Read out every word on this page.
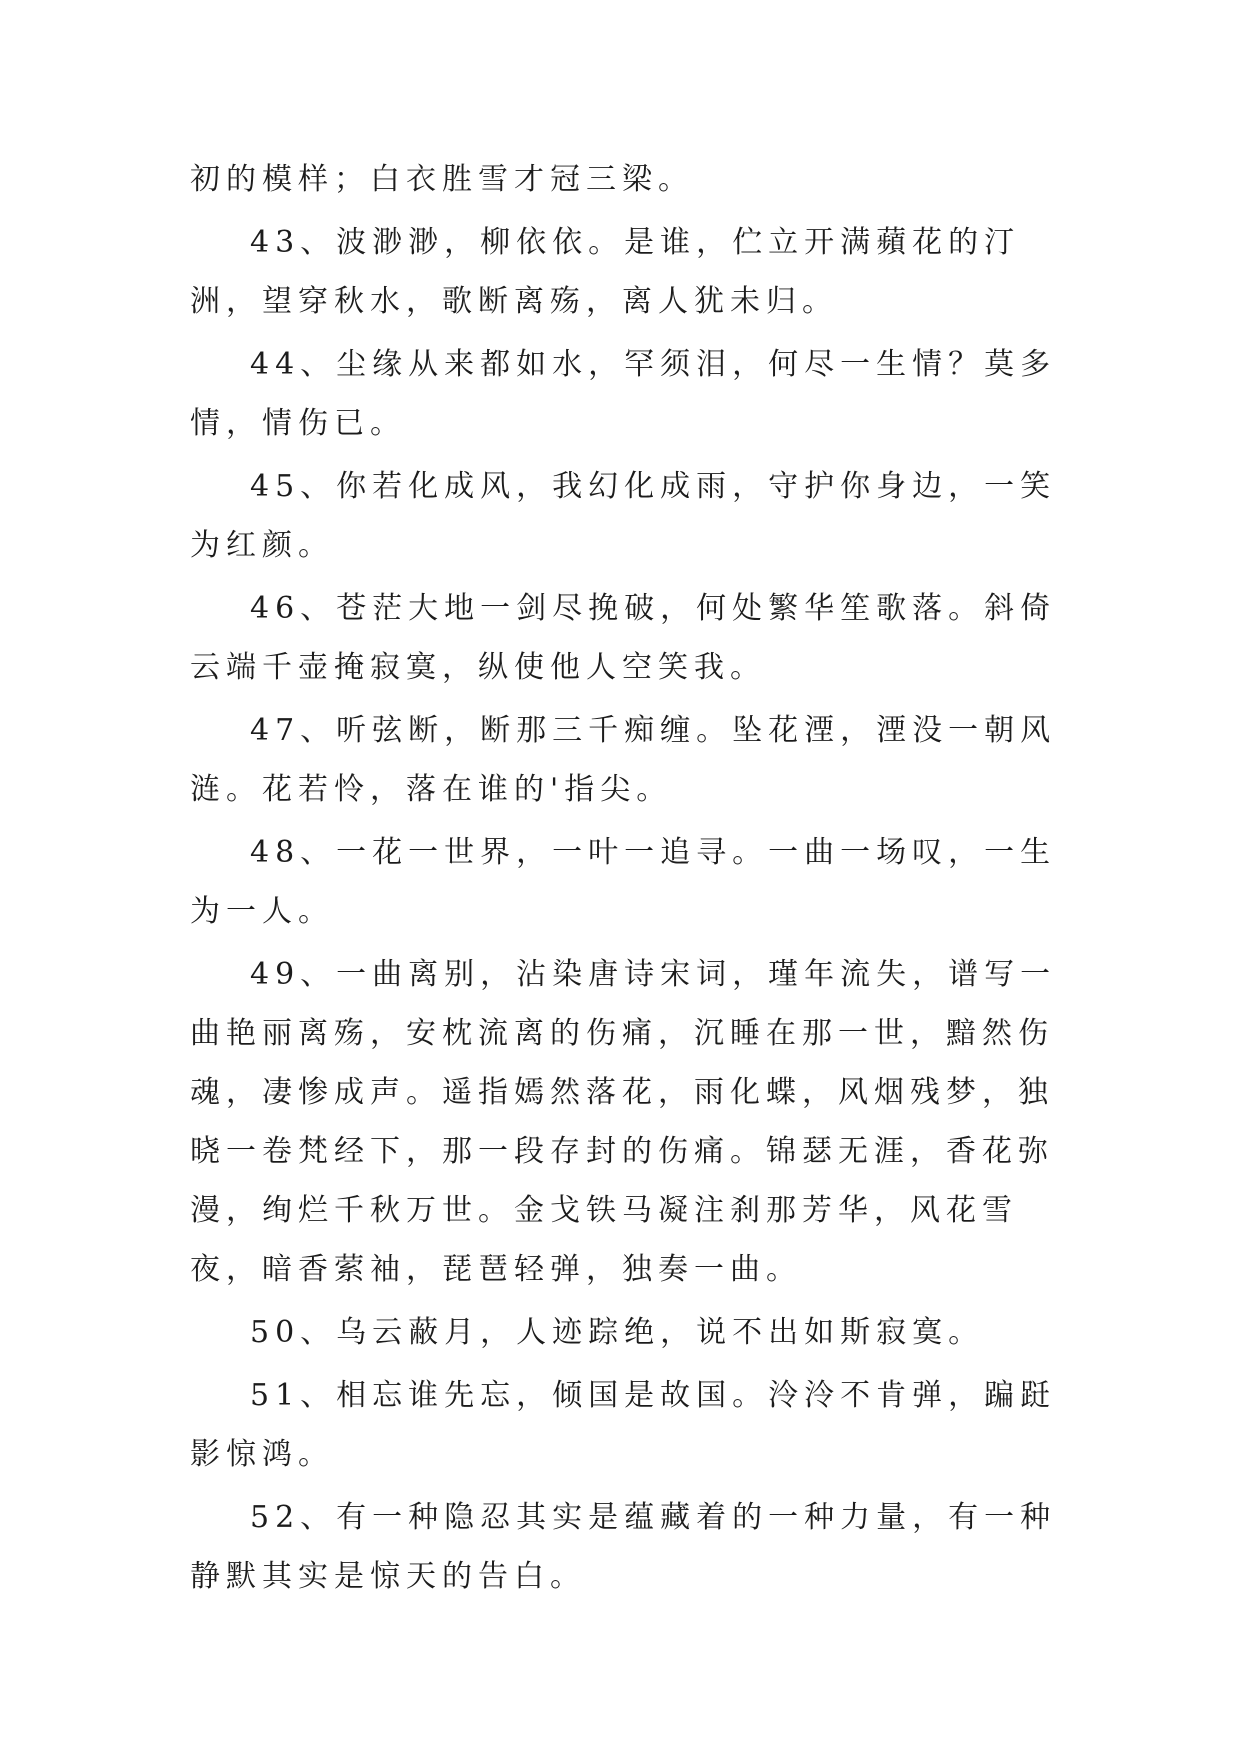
初的模样；白衣胜雪才冠三梁。

43、波渺渺，柳依依。是谁，伫立开满蘋花的汀洲，望穿秋水，歌断离殇，离人犹未归。

44、尘缘从来都如水，罕须泪，何尽一生情？莫多情，情伤已。

45、你若化成风，我幻化成雨，守护你身边，一笑为红颜。

46、苍茫大地一剑尽挽破，何处繁华笙歌落。斜倚云端千壶掩寂寞，纵使他人空笑我。

47、听弦断，断那三千痴缠。坠花湮，湮没一朝风涟。花若怜，落在谁的'指尖。

48、一花一世界，一叶一追寻。一曲一场叹，一生为一人。

49、一曲离别，沾染唐诗宋词，瑾年流失，谱写一曲艳丽离殇，安枕流离的伤痛，沉睡在那一世，黯然伤魂，凄惨成声。遥指嫣然落花，雨化蝶，风烟残梦，独晓一卷梵经下，那一段存封的伤痛。锦瑟无涯，香花弥漫，绚烂千秋万世。金戈铁马凝注刹那芳华，风花雪夜，暗香萦袖，琵琶轻弹，独奏一曲。

50、乌云蔽月，人迹踪绝，说不出如斯寂寞。

51、相忘谁先忘，倾国是故国。泠泠不肯弹，蹁跹影惊鸿。

52、有一种隐忍其实是蕴藏着的一种力量，有一种静默其实是惊天的告白。
